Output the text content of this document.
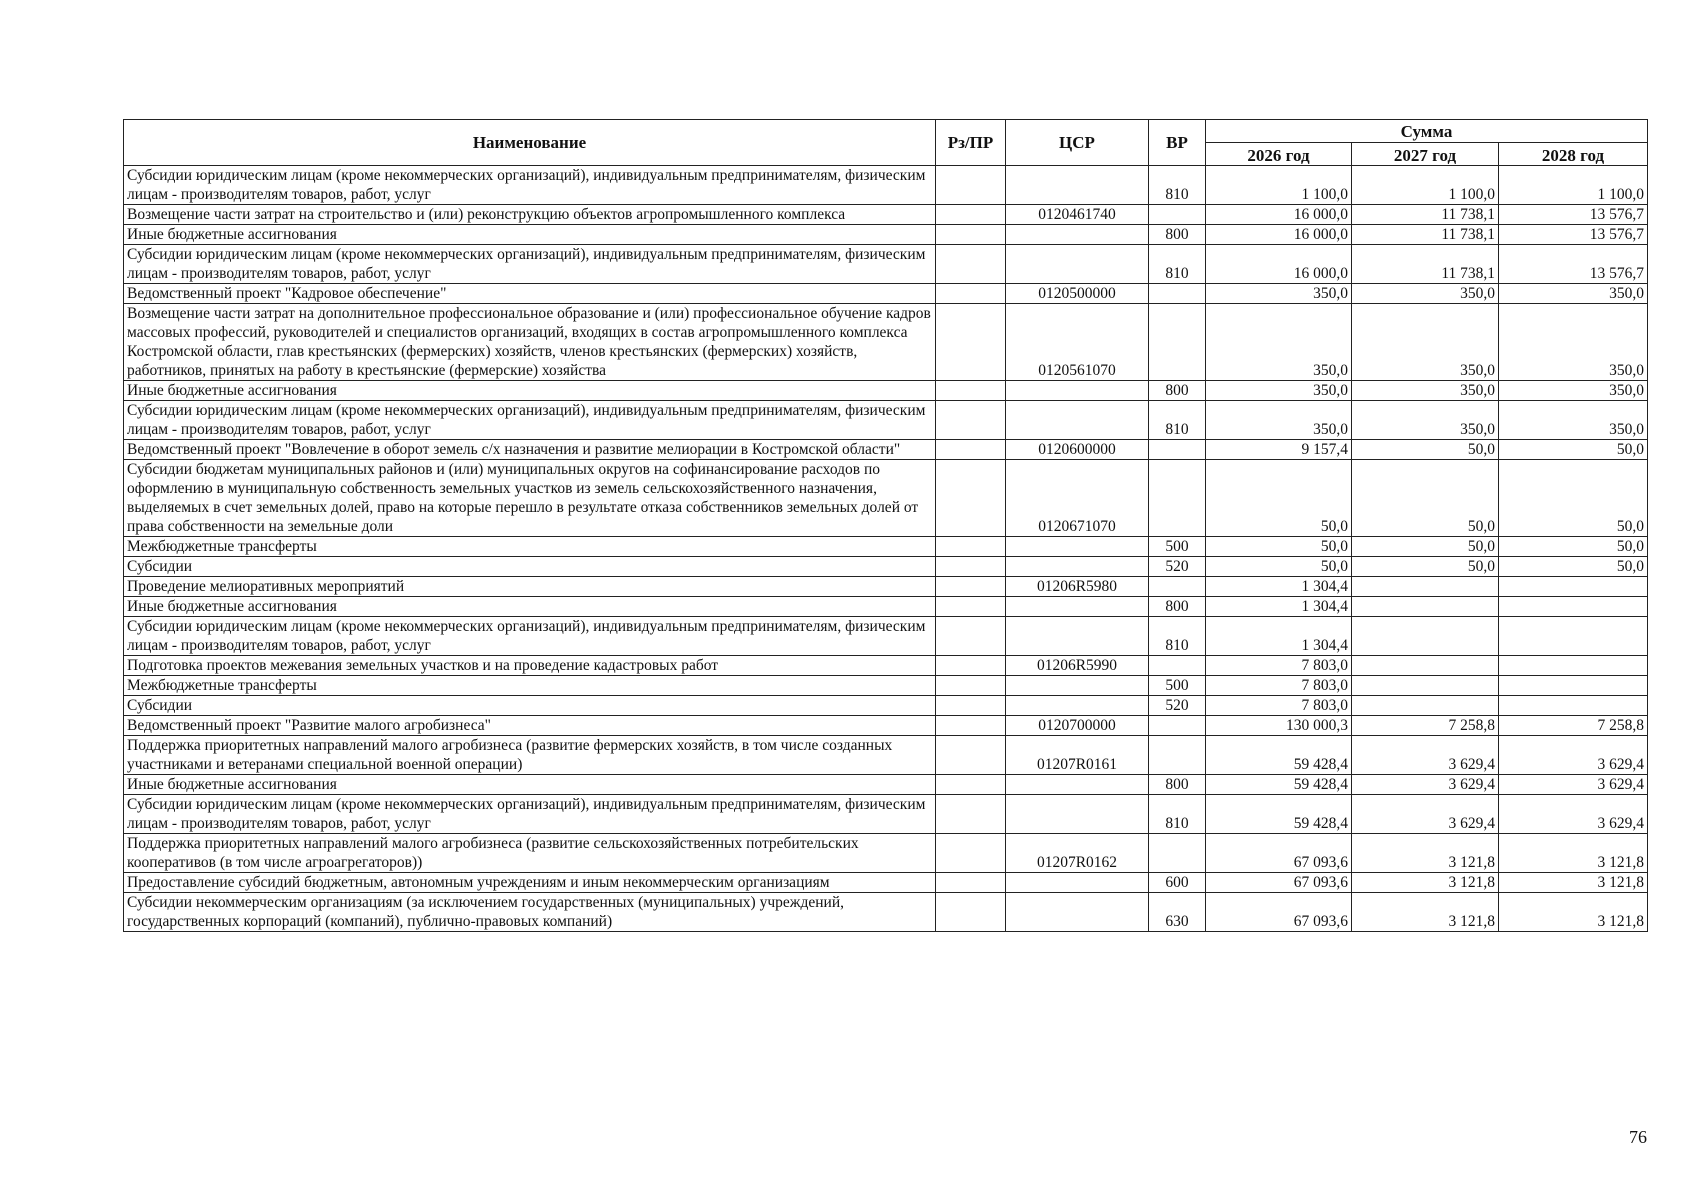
Наименование	Рз/ПР	ЦСР	ВР	Сумма		
				2026 год	2027 год	2028 год
Субсидии юридическим лицам (кроме некоммерческих организаций), индивидуальным предпринимателям, физическим лицам - производителям товаров, работ, услуг			810	1 100,0	1 100,0	1 100,0
Возмещение части затрат на строительство и (или) реконструкцию объектов агропромышленного комплекса		0120461740		16 000,0	11 738,1	13 576,7
Иные бюджетные ассигнования			800	16 000,0	11 738,1	13 576,7
Субсидии юридическим лицам (кроме некоммерческих организаций), индивидуальным предпринимателям, физическим лицам - производителям товаров, работ, услуг			810	16 000,0	11 738,1	13 576,7
Ведомственный проект "Кадровое обеспечение"		0120500000		350,0	350,0	350,0
Возмещение части затрат на дополнительное профессиональное образование и (или) профессиональное обучение кадров массовых профессий, руководителей и специалистов организаций, входящих в состав агропромышленного комплекса Костромской области, глав крестьянских (фермерских) хозяйств, членов крестьянских (фермерских) хозяйств, работников, принятых на работу в крестьянские (фермерские) хозяйства		0120561070		350,0	350,0	350,0
Иные бюджетные ассигнования			800	350,0	350,0	350,0
Субсидии юридическим лицам (кроме некоммерческих организаций), индивидуальным предпринимателям, физическим лицам - производителям товаров, работ, услуг			810	350,0	350,0	350,0
Ведомственный проект "Вовлечение в оборот земель с/х назначения и развитие мелиорации в Костромской области"		0120600000		9 157,4	50,0	50,0
Субсидии бюджетам муниципальных районов и (или) муниципальных округов на софинансирование расходов по оформлению в муниципальную собственность земельных участков из земель сельскохозяйственного назначения, выделяемых в счет земельных долей, право на которые перешло в результате отказа собственников земельных долей от права собственности на земельные доли		0120671070		50,0	50,0	50,0
Межбюджетные трансферты			500	50,0	50,0	50,0
Субсидии			520	50,0	50,0	50,0
Проведение мелиоративных мероприятий		01206R5980		1 304,4		
Иные бюджетные ассигнования			800	1 304,4		
Субсидии юридическим лицам (кроме некоммерческих организаций), индивидуальным предпринимателям, физическим лицам - производителям товаров, работ, услуг			810	1 304,4		
Подготовка проектов межевания земельных участков и на проведение кадастровых работ		01206R5990		7 803,0		
Межбюджетные трансферты			500	7 803,0		
Субсидии			520	7 803,0		
Ведомственный проект "Развитие малого агробизнеса"		0120700000		130 000,3	7 258,8	7 258,8
Поддержка приоритетных направлений малого агробизнеса (развитие фермерских хозяйств, в том числе созданных участниками и ветеранами специальной военной операции)		01207R0161		59 428,4	3 629,4	3 629,4
Иные бюджетные ассигнования			800	59 428,4	3 629,4	3 629,4
Субсидии юридическим лицам (кроме некоммерческих организаций), индивидуальным предпринимателям, физическим лицам - производителям товаров, работ, услуг			810	59 428,4	3 629,4	3 629,4
Поддержка приоритетных направлений малого агробизнеса (развитие сельскохозяйственных потребительских кооперативов (в том числе агроагрегаторов))		01207R0162		67 093,6	3 121,8	3 121,8
Предоставление субсидий бюджетным, автономным учреждениям и иным некоммерческим организациям			600	67 093,6	3 121,8	3 121,8
Субсидии некоммерческим организациям (за исключением государственных (муниципальных) учреждений, государственных корпораций (компаний), публично-правовых компаний)			630	67 093,6	3 121,8	3 121,8
76
